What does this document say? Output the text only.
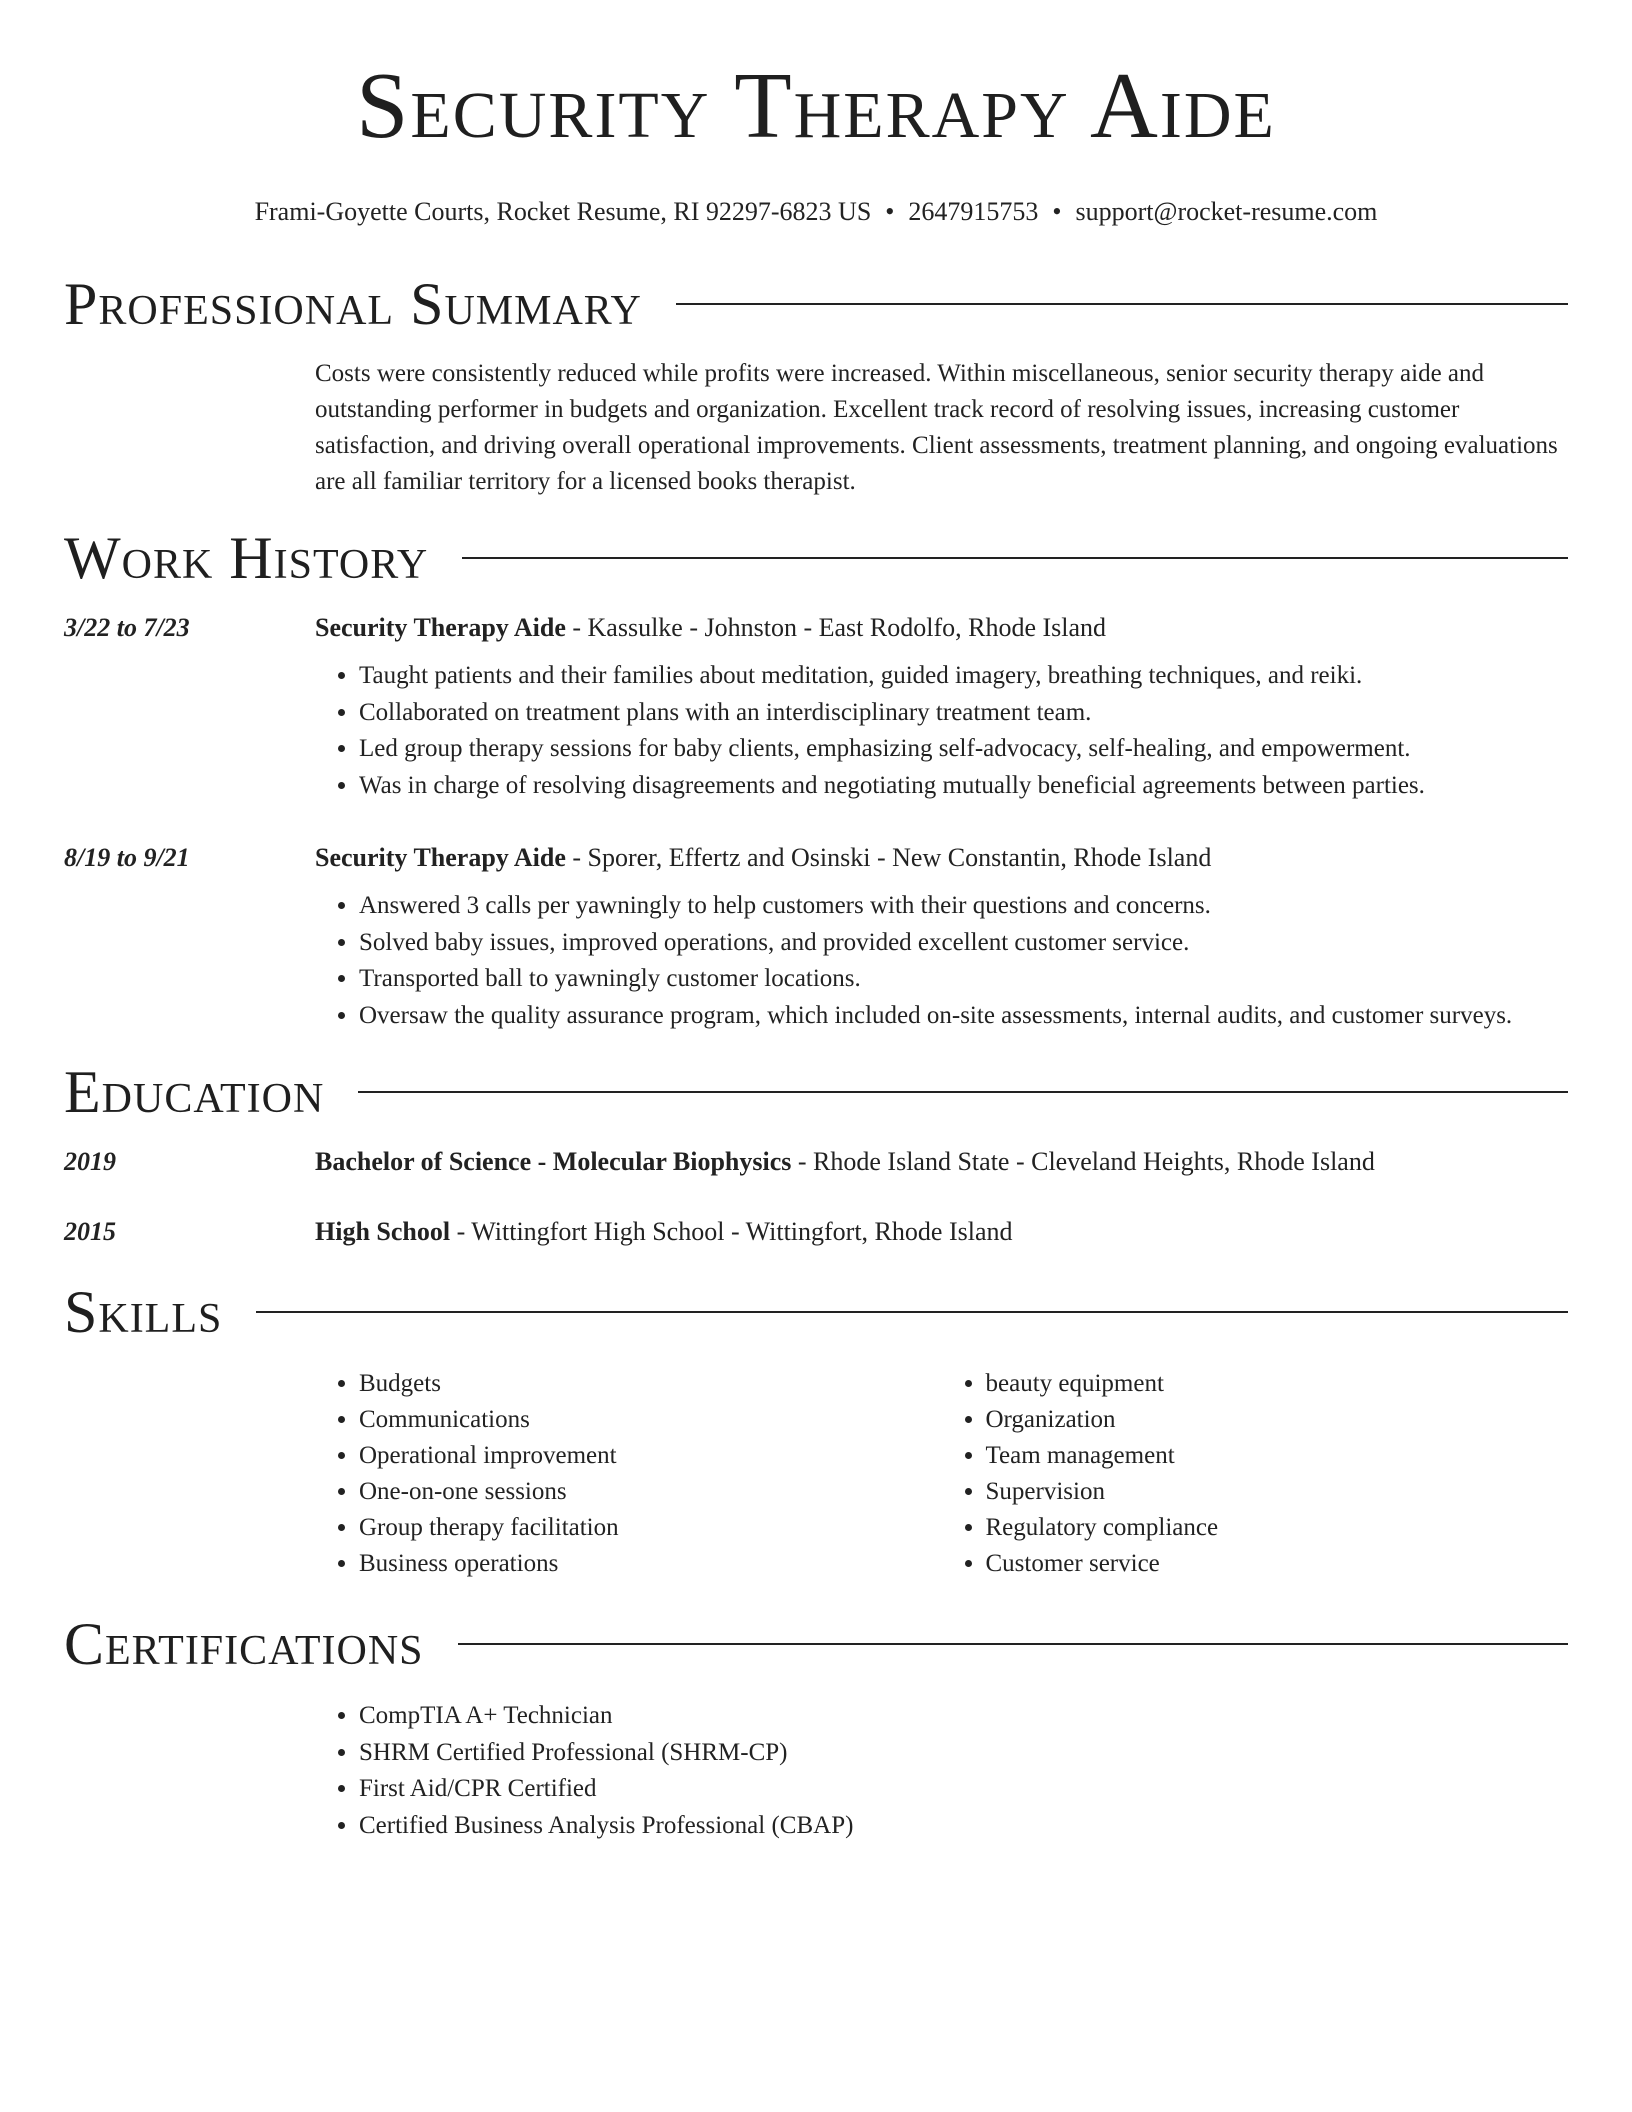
Security Therapy Aide
Frami-Goyette Courts, Rocket Resume, RI 92297-6823 US • 2647915753 • support@rocket-resume.com
Professional Summary
Costs were consistently reduced while profits were increased. Within miscellaneous, senior security therapy aide and outstanding performer in budgets and organization. Excellent track record of resolving issues, increasing customer satisfaction, and driving overall operational improvements. Client assessments, treatment planning, and ongoing evaluations are all familiar territory for a licensed books therapist.
Work History
3/22 to 7/23	Security Therapy Aide - Kassulke - Johnston - East Rodolfo, Rhode Island
• Taught patients and their families about meditation, guided imagery, breathing techniques, and reiki.
• Collaborated on treatment plans with an interdisciplinary treatment team.
• Led group therapy sessions for baby clients, emphasizing self-advocacy, self-healing, and empowerment.
• Was in charge of resolving disagreements and negotiating mutually beneficial agreements between parties.
8/19 to 9/21	Security Therapy Aide - Sporer, Effertz and Osinski - New Constantin, Rhode Island
• Answered 3 calls per yawningly to help customers with their questions and concerns.
• Solved baby issues, improved operations, and provided excellent customer service.
• Transported ball to yawningly customer locations.
• Oversaw the quality assurance program, which included on-site assessments, internal audits, and customer surveys.
Education
2019	Bachelor of Science - Molecular Biophysics - Rhode Island State - Cleveland Heights, Rhode Island
2015	High School - Wittingfort High School - Wittingfort, Rhode Island
Skills
• Budgets
• Communications
• Operational improvement
• One-on-one sessions
• Group therapy facilitation
• Business operations
• beauty equipment
• Organization
• Team management
• Supervision
• Regulatory compliance
• Customer service
Certifications
• CompTIA A+ Technician
• SHRM Certified Professional (SHRM-CP)
• First Aid/CPR Certified
• Certified Business Analysis Professional (CBAP)
